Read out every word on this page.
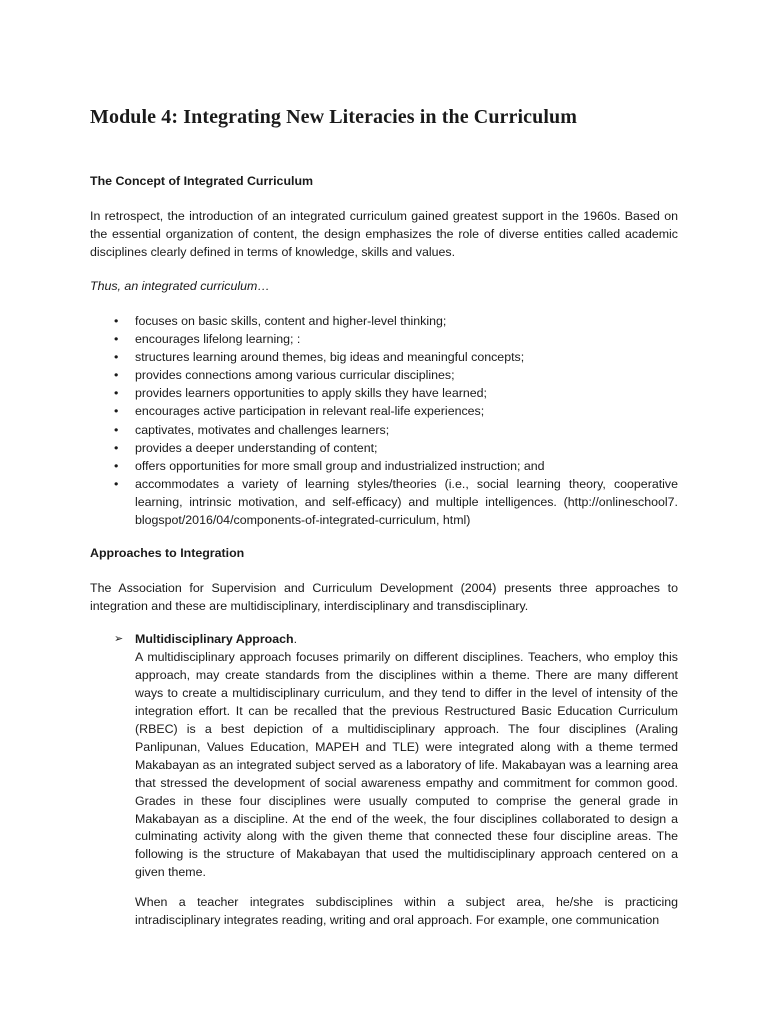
Module 4: Integrating New Literacies in the Curriculum
The Concept of Integrated Curriculum

In retrospect, the introduction of an integrated curriculum gained greatest support in the 1960s. Based on the essential organization of content, the design emphasizes the role of diverse entities called academic disciplines clearly defined in terms of knowledge, skills and values.

Thus, an integrated curriculum…

• focuses on basic skills, content and higher-level thinking;
• encourages lifelong learning; :
• structures learning around themes, big ideas and meaningful concepts;
• provides connections among various curricular disciplines;
• provides learners opportunities to apply skills they have learned;
• encourages active participation in relevant real-life experiences;
• captivates, motivates and challenges learners;
• provides a deeper understanding of content;
• offers opportunities for more small group and industrialized instruction; and
• accommodates a variety of learning styles/theories (i.e., social learning theory, cooperative learning, intrinsic motivation, and self-efficacy) and multiple intelligences. (http://onlineschool7. blogspot/2016/04/components-of-integrated-curriculum, html)
Approaches to Integration

The Association for Supervision and Curriculum Development (2004) presents three approaches to integration and these are multidisciplinary, interdisciplinary and transdisciplinary.

➢ Multidisciplinary Approach.
A multidisciplinary approach focuses primarily on different disciplines. Teachers, who employ this approach, may create standards from the disciplines within a theme. There are many different ways to create a multidisciplinary curriculum, and they tend to differ in the level of intensity of the integration effort. It can be recalled that the previous Restructured Basic Education Curriculum (RBEC) is a best depiction of a multidisciplinary approach. The four disciplines (Araling Panlipunan, Values Education, MAPEH and TLE) were integrated along with a theme termed Makabayan as an integrated subject served as a laboratory of life. Makabayan was a learning area that stressed the development of social awareness empathy and commitment for common good. Grades in these four disciplines were usually computed to comprise the general grade in Makabayan as a discipline. At the end of the week, the four disciplines collaborated to design a culminating activity along with the given theme that connected these four discipline areas. The following is the structure of Makabayan that used the multidisciplinary approach centered on a given theme.

When a teacher integrates subdisciplines within a subject area, he/she is practicing intradisciplinary integrates reading, writing and oral approach. For example, one communication
